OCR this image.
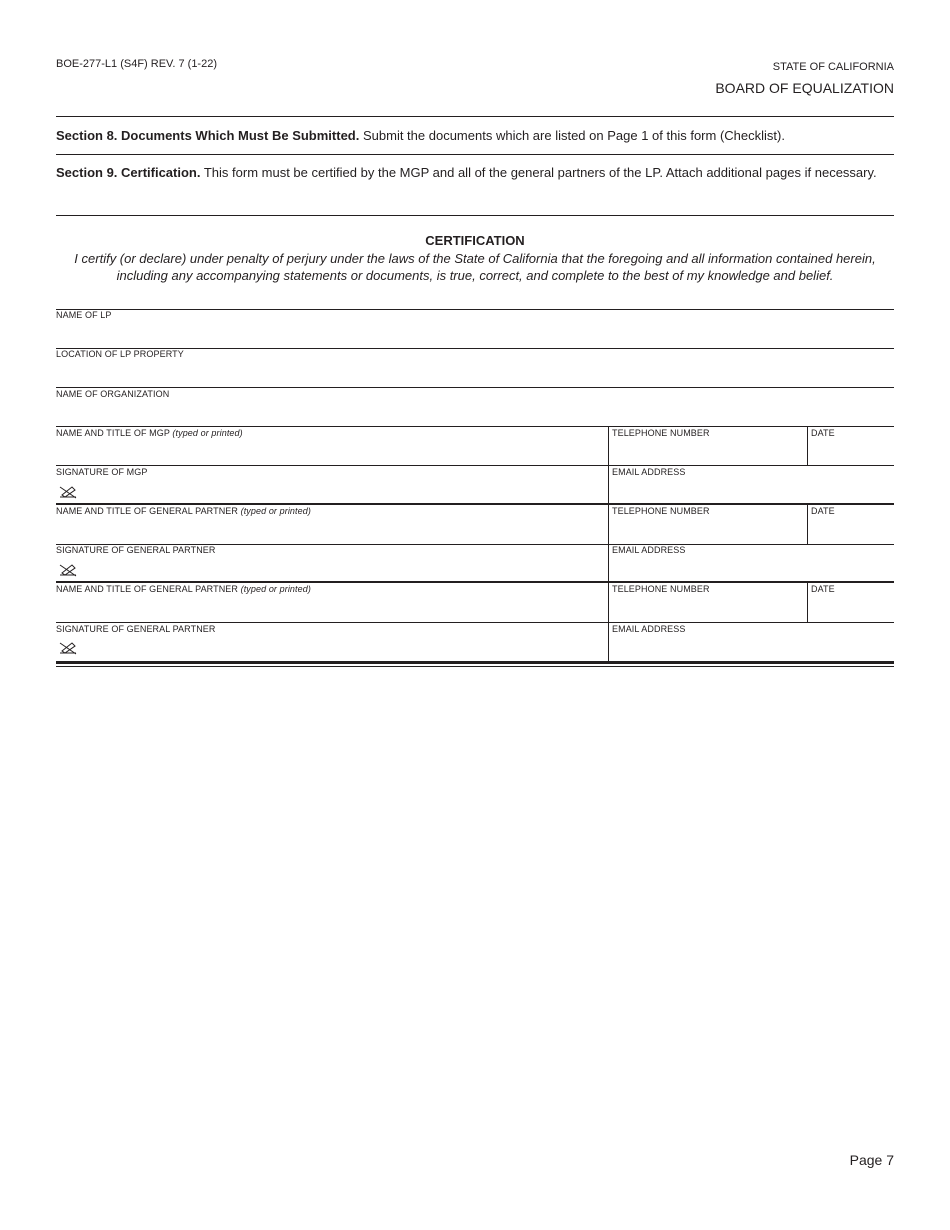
BOE-277-L1 (S4F) REV. 7 (1-22)	STATE OF CALIFORNIA
BOARD OF EQUALIZATION
Section 8. Documents Which Must Be Submitted. Submit the documents which are listed on Page 1 of this form (Checklist).
Section 9. Certification. This form must be certified by the MGP and all of the general partners of the LP. Attach additional pages if necessary.
CERTIFICATION
I certify (or declare) under penalty of perjury under the laws of the State of California that the foregoing and all information contained herein, including any accompanying statements or documents, is true, correct, and complete to the best of my knowledge and belief.
NAME OF LP
LOCATION OF LP PROPERTY
NAME OF ORGANIZATION
NAME AND TITLE OF MGP (typed or printed)	TELEPHONE NUMBER	DATE
SIGNATURE OF MGP	EMAIL ADDRESS
NAME AND TITLE OF GENERAL PARTNER (typed or printed)	TELEPHONE NUMBER	DATE
SIGNATURE OF GENERAL PARTNER	EMAIL ADDRESS
NAME AND TITLE OF GENERAL PARTNER (typed or printed)	TELEPHONE NUMBER	DATE
SIGNATURE OF GENERAL PARTNER	EMAIL ADDRESS
Page 7
